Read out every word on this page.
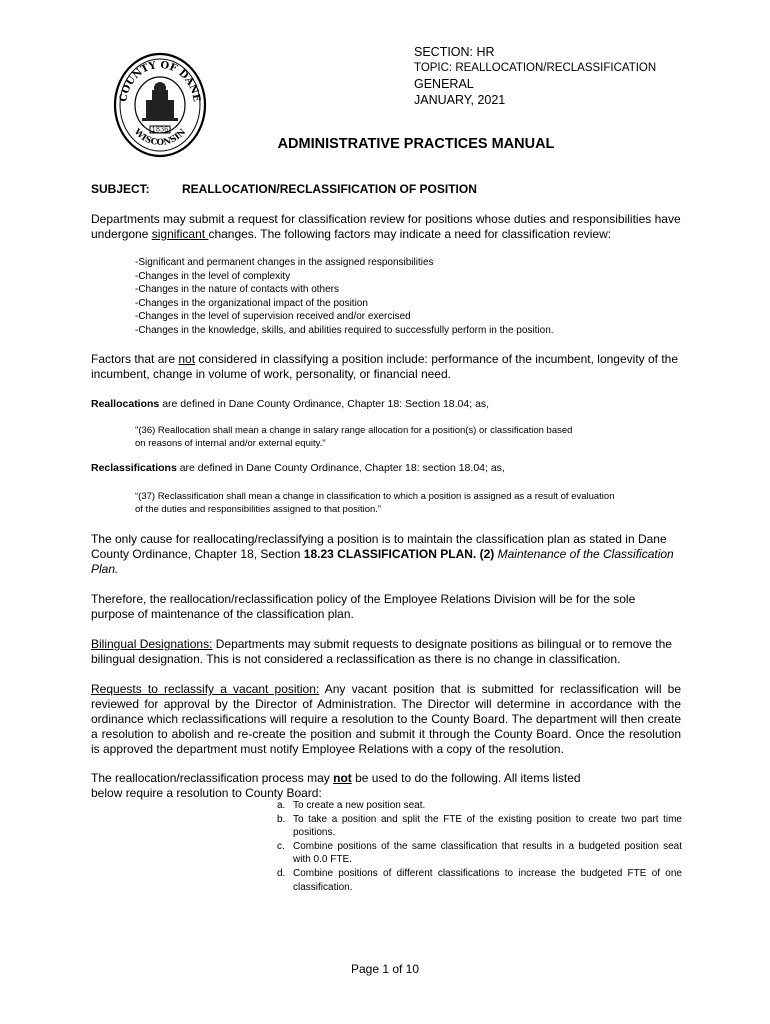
COUNTY OF DANE
1836
WISCONSIN
SECTION: HR
TOPIC: REALLOCATION/RECLASSIFICATION
GENERAL
JANUARY, 2021
ADMINISTRATIVE PRACTICES MANUAL
SUBJECT:	REALLOCATION/RECLASSIFICATION OF POSITION
Departments may submit a request for classification review for positions whose duties and responsibilities have undergone significant changes. The following factors may indicate a need for classification review:
-Significant and permanent changes in the assigned responsibilities
-Changes in the level of complexity
-Changes in the nature of contacts with others
-Changes in the organizational impact of the position
-Changes in the level of supervision received and/or exercised
-Changes in the knowledge, skills, and abilities required to successfully perform in the position.
Factors that are not considered in classifying a position include: performance of the incumbent, longevity of the incumbent, change in volume of work, personality, or financial need.
Reallocations are defined in Dane County Ordinance, Chapter 18: Section 18.04; as,
"(36) Reallocation shall mean a change in salary range allocation for a position(s) or classification based
on reasons of internal and/or external equity."
Reclassifications are defined in Dane County Ordinance, Chapter 18: section 18.04; as,
“(37) Reclassification shall mean a change in classification to which a position is assigned as a result of evaluation
of the duties and responsibilities assigned to that position.”
The only cause for reallocating/reclassifying a position is to maintain the classification plan as stated in Dane County Ordinance, Chapter 18, Section 18.23 CLASSIFICATION PLAN. (2) Maintenance of the Classification Plan.
Therefore, the reallocation/reclassification policy of the Employee Relations Division will be for the sole purpose of maintenance of the classification plan.
Bilingual Designations: Departments may submit requests to designate positions as bilingual or to remove the bilingual designation. This is not considered a reclassification as there is no change in classification.
Requests to reclassify a vacant position: Any vacant position that is submitted for reclassification will be reviewed for approval by the Director of Administration. The Director will determine in accordance with the ordinance which reclassifications will require a resolution to the County Board. The department will then create a resolution to abolish and re-create the position and submit it through the County Board. Once the resolution is approved the department must notify Employee Relations with a copy of the resolution.
The reallocation/reclassification process may not be used to do the following. All items listed
below require a resolution to County Board:
a. To create a new position seat.
b. To take a position and split the FTE of the existing position to create two part time positions.
c. Combine positions of the same classification that results in a budgeted position seat with 0.0 FTE.
d. Combine positions of different classifications to increase the budgeted FTE of one classification.
Page 1 of 10
